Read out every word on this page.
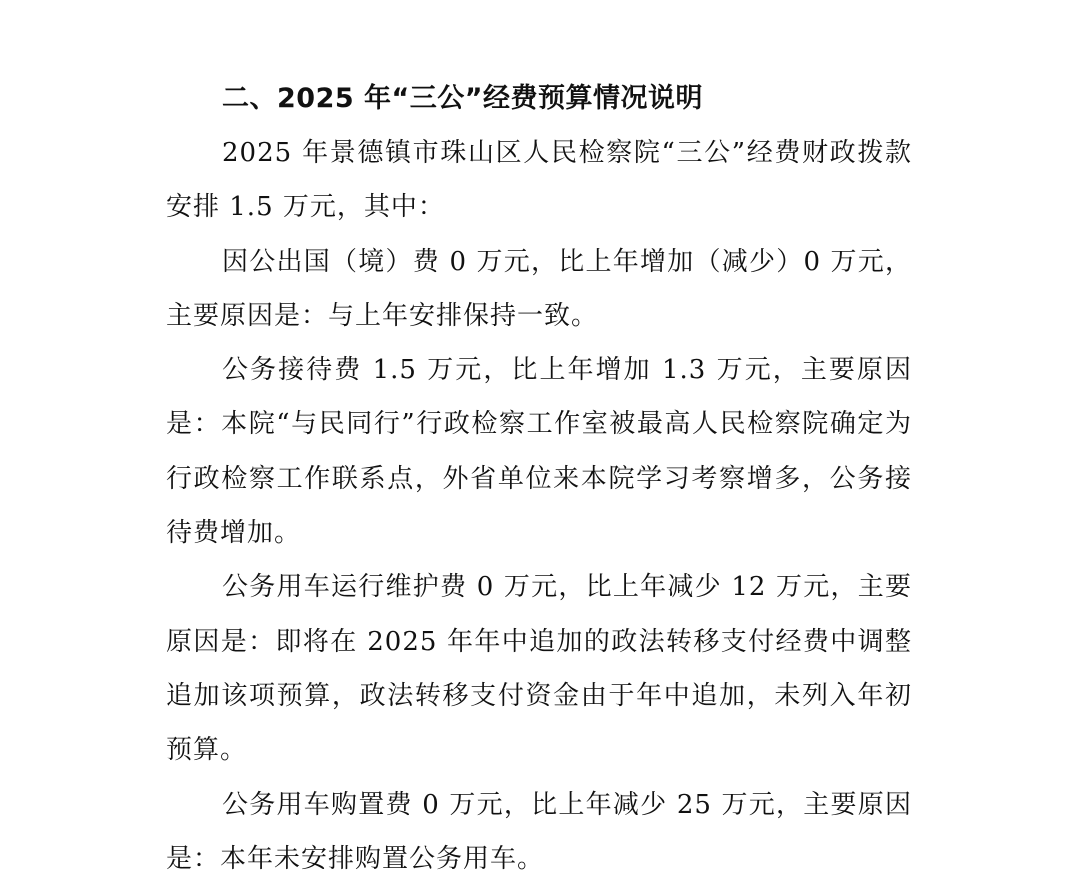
二、2025 年“三公”经费预算情况说明

2025 年景德镇市珠山区人民检察院“三公”经费财政拨款安排 1.5 万元，其中：

因公出国（境）费 0 万元，比上年增加（减少）0 万元，主要原因是：与上年安排保持一致。

公务接待费 1.5 万元，比上年增加 1.3 万元，主要原因是：本院“与民同行”行政检察工作室被最高人民检察院确定为行政检察工作联系点，外省单位来本院学习考察增多，公务接待费增加。

公务用车运行维护费 0 万元，比上年减少 12 万元，主要原因是：即将在 2025 年年中追加的政法转移支付经费中调整追加该项预算，政法转移支付资金由于年中追加，未列入年初预算。

公务用车购置费 0 万元，比上年减少 25 万元，主要原因是：本年未安排购置公务用车。
